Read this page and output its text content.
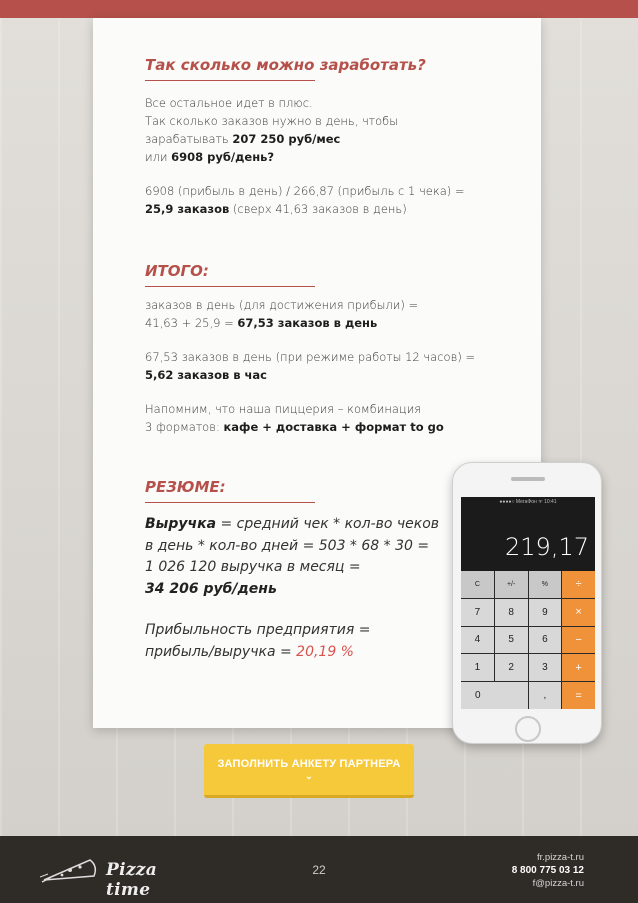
Так сколько можно заработать?
Все остальное идет в плюс.
Так сколько заказов нужно в день, чтобы
зарабатывать 207 250 руб/мес
или 6908 руб/день?
6908 (прибыль в день) / 266,87 (прибыль с 1 чека) =
25,9 заказов (сверх 41,63 заказов в день)
ИТОГО:
заказов в день (для достижения прибыли) =
41,63 + 25,9 = 67,53 заказов в день
67,53 заказов в день (при режиме работы 12 часов) =
5,62 заказов в час
Напомним, что наша пиццерия – комбинация
3 форматов: кафе + доставка + формат to go
РЕЗЮМЕ:
Выручка = средний чек * кол-во чеков
в день * кол-во дней = 503 * 68 * 30 =
1 026 120 выручка в месяц =
34 206 руб/день
Прибыльность предприятия =
прибыль/выручка = 20,19 %
●●●●○ МегаФон ᯤ 10:41
219,17
C	+/-	%	÷
7	8	9	×
4	5	6	−
1	2	3	+
0	,	=
ЗАПОЛНИТЬ АНКЕТУ ПАРТНЕРА
⌄
Pizza time
22
fr.pizza-t.ru
8 800 775 03 12
f@pizza-t.ru
